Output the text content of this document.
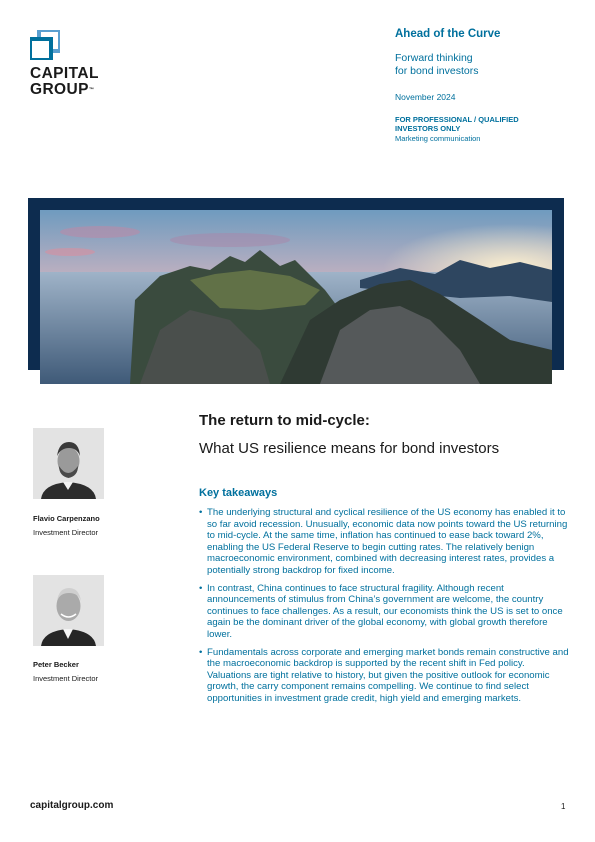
CAPITAL
GROUP™
Ahead of the Curve
Forward thinking
for bond investors
November 2024
FOR PROFESSIONAL / QUALIFIED
INVESTORS ONLY
Marketing communication
The return to mid-cycle:
What US resilience means for bond investors
Flavio Carpenzano
Investment Director
Peter Becker
Investment Director
Key takeaways
• The underlying structural and cyclical resilience of the US economy has enabled it to so far avoid recession. Unusually, economic data now points toward the US returning to mid-cycle. At the same time, inflation has continued to ease back toward 2%, enabling the US Federal Reserve to begin cutting rates. The relatively benign macroeconomic environment, combined with decreasing interest rates, provides a potentially strong backdrop for fixed income.
• In contrast, China continues to face structural fragility. Although recent announcements of stimulus from China’s government are welcome, the country continues to face challenges. As a result, our economists think the US is set to once again be the dominant driver of the global economy, with global growth therefore lower.
• Fundamentals across corporate and emerging market bonds remain constructive and the macroeconomic backdrop is supported by the recent shift in Fed policy. Valuations are tight relative to history, but given the positive outlook for economic growth, the carry component remains compelling. We continue to find select opportunities in investment grade credit, high yield and emerging markets.
capitalgroup.com	1
